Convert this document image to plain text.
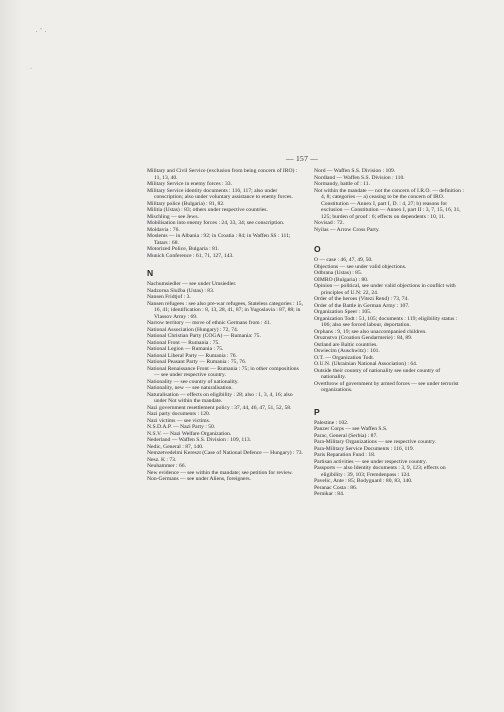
.  '  .
·
— 157 —

Military and Civil Service (exclusion from being concern of IRO) : 11, 13, 40.

Military Service in enemy forces : 33.

Military Service identity documents : 116, 117; also under conscription; also under voluntary assistance to enemy forces.

Military police (Bulgaria) : 81, 82.

Militia (Ustas) : 83; others under respective countries.

Mischling — see Jews.

Mobilisation into enemy forces : 24, 33, 34; see conscription.

Moldavia : 76.

Moslems — in Albania : 92; in Croatia : 84; in Waffen SS : 111; Tatars : 68.

Motorized Police, Bulgaria : 81.

Munich Conference : 61, 71, 127, 143.

N

Nachumsiedler — see under Umsiedler.

Nadzorna Služba (Ustas) : 83.

Nansen Fridtjof : 3.

Nansen refugees : see also pre-war refugees, Stateless categories : 15, 16, 41; identification : 8, 13, 28, 41, 87; in Yugoslavia : 87, 88; in Vlassov Army : 69.

Narrow territory — move of ethnic Germans from : 41.

National Association (Hungary) : 72, 74.

National Christian Party (COGA) — Rumania: 75.

National Front — Rumania : 75.

National Legion — Rumania : 75.

National Liberal Party — Rumania : 76.

National Peasant Party — Rumania : 75, 76.

National Renaissance Front — Rumania : 75; in other compositions — see under respective country.

Nationality — see country of nationality.

Nationality, new — see naturalisation.

Naturalisation — effects on eligibility : 28; also : 1, 3, 4, 16; also under Not within the mandate.

Nazi government resettlement policy : 37, 44, 46, 47, 51, 52, 58.

Nazi party documents : 120.

Nazi victims — see victims.

N.S.D.A.P. — Nazi Party : 50.

N.S.V. — Nazi Welfare Organization.

Nederland — Waffen S.S. Division : 109, 113.

Nedic, General : 87, 140.

Nemzetvedelmi Kereszt (Case of National Defence — Hungary) : 73.

Nesz. K : 73.

Neuhammer : 66.

New evidence — see within the mandate; see petition for review.

Non-Germans — see under Aliens, foreigners.

Nord — Waffen S.S. Division : 109.

Nordland — Waffen S.S. Division : 110.

Normandy, battle of : 11.

Not within the mandate — not the concern of I.R.O. — definition : 4, 8; categories — a) ceasing to be the concern of IRO. Constitution — Annex I, part I, D. : 4, 27; b) reasons for exclusion — Constitution — Annex I, part II : 3, 7, 15, 16, 31, 125; burden of proof : 6; effects on dependents : 10, 11.

Novisad : 72.

Nyilas — Arrow Cross Party.

O

O — case : 46, 47, 49, 50.

Objections — see under valid objections.

Odbrana (Ustas) : 85.

OIMRO (Bulgaria) : 80.

Opinion — political, see under valid objections in conflict with principles of U.N: 22, 24.

Order of the heroes (Vitezi Rend) : 73, 74.

Order of the Battle in German Army : 107.

Organization Speer : 105.

Organization Todt : 51, 105; documents : 119; eligibility status : 106; also see forced labour, deportation.

Orphans : 9, 19; see also unaccompanied children.

Oruznstvo (Croation Gendarmerie) : 84, 89.

Ostland are Baltic countries.

Oswiecim (Auschwitz) : 101.

O.T. — Organization Todt.

O.U.N. (Ukrainian National Association) : 64.

Outside their country of nationality see under country of nationality.

Overthrow of government by armed forces — see under terrorist organizations.

P

Palestine : 102.

Panzer Corps — see Waffen S.S.

Parac, General (Serbia) : 87.

Para-Military Organizations — see respective country.

Para-Military Service Documents : 116, 119.

Paris Reparation Fund : 18.

Partisan activities — see under respective country.

Passports — also Identity documents : 3, 9, 123; effects on eligibility : 39, 103; Fremdenpass : 124.

Pavelic, Ante : 85; Bodyguard : 80, 83, 140.

Peranac Costa : 86.

Pernikar : 84.
